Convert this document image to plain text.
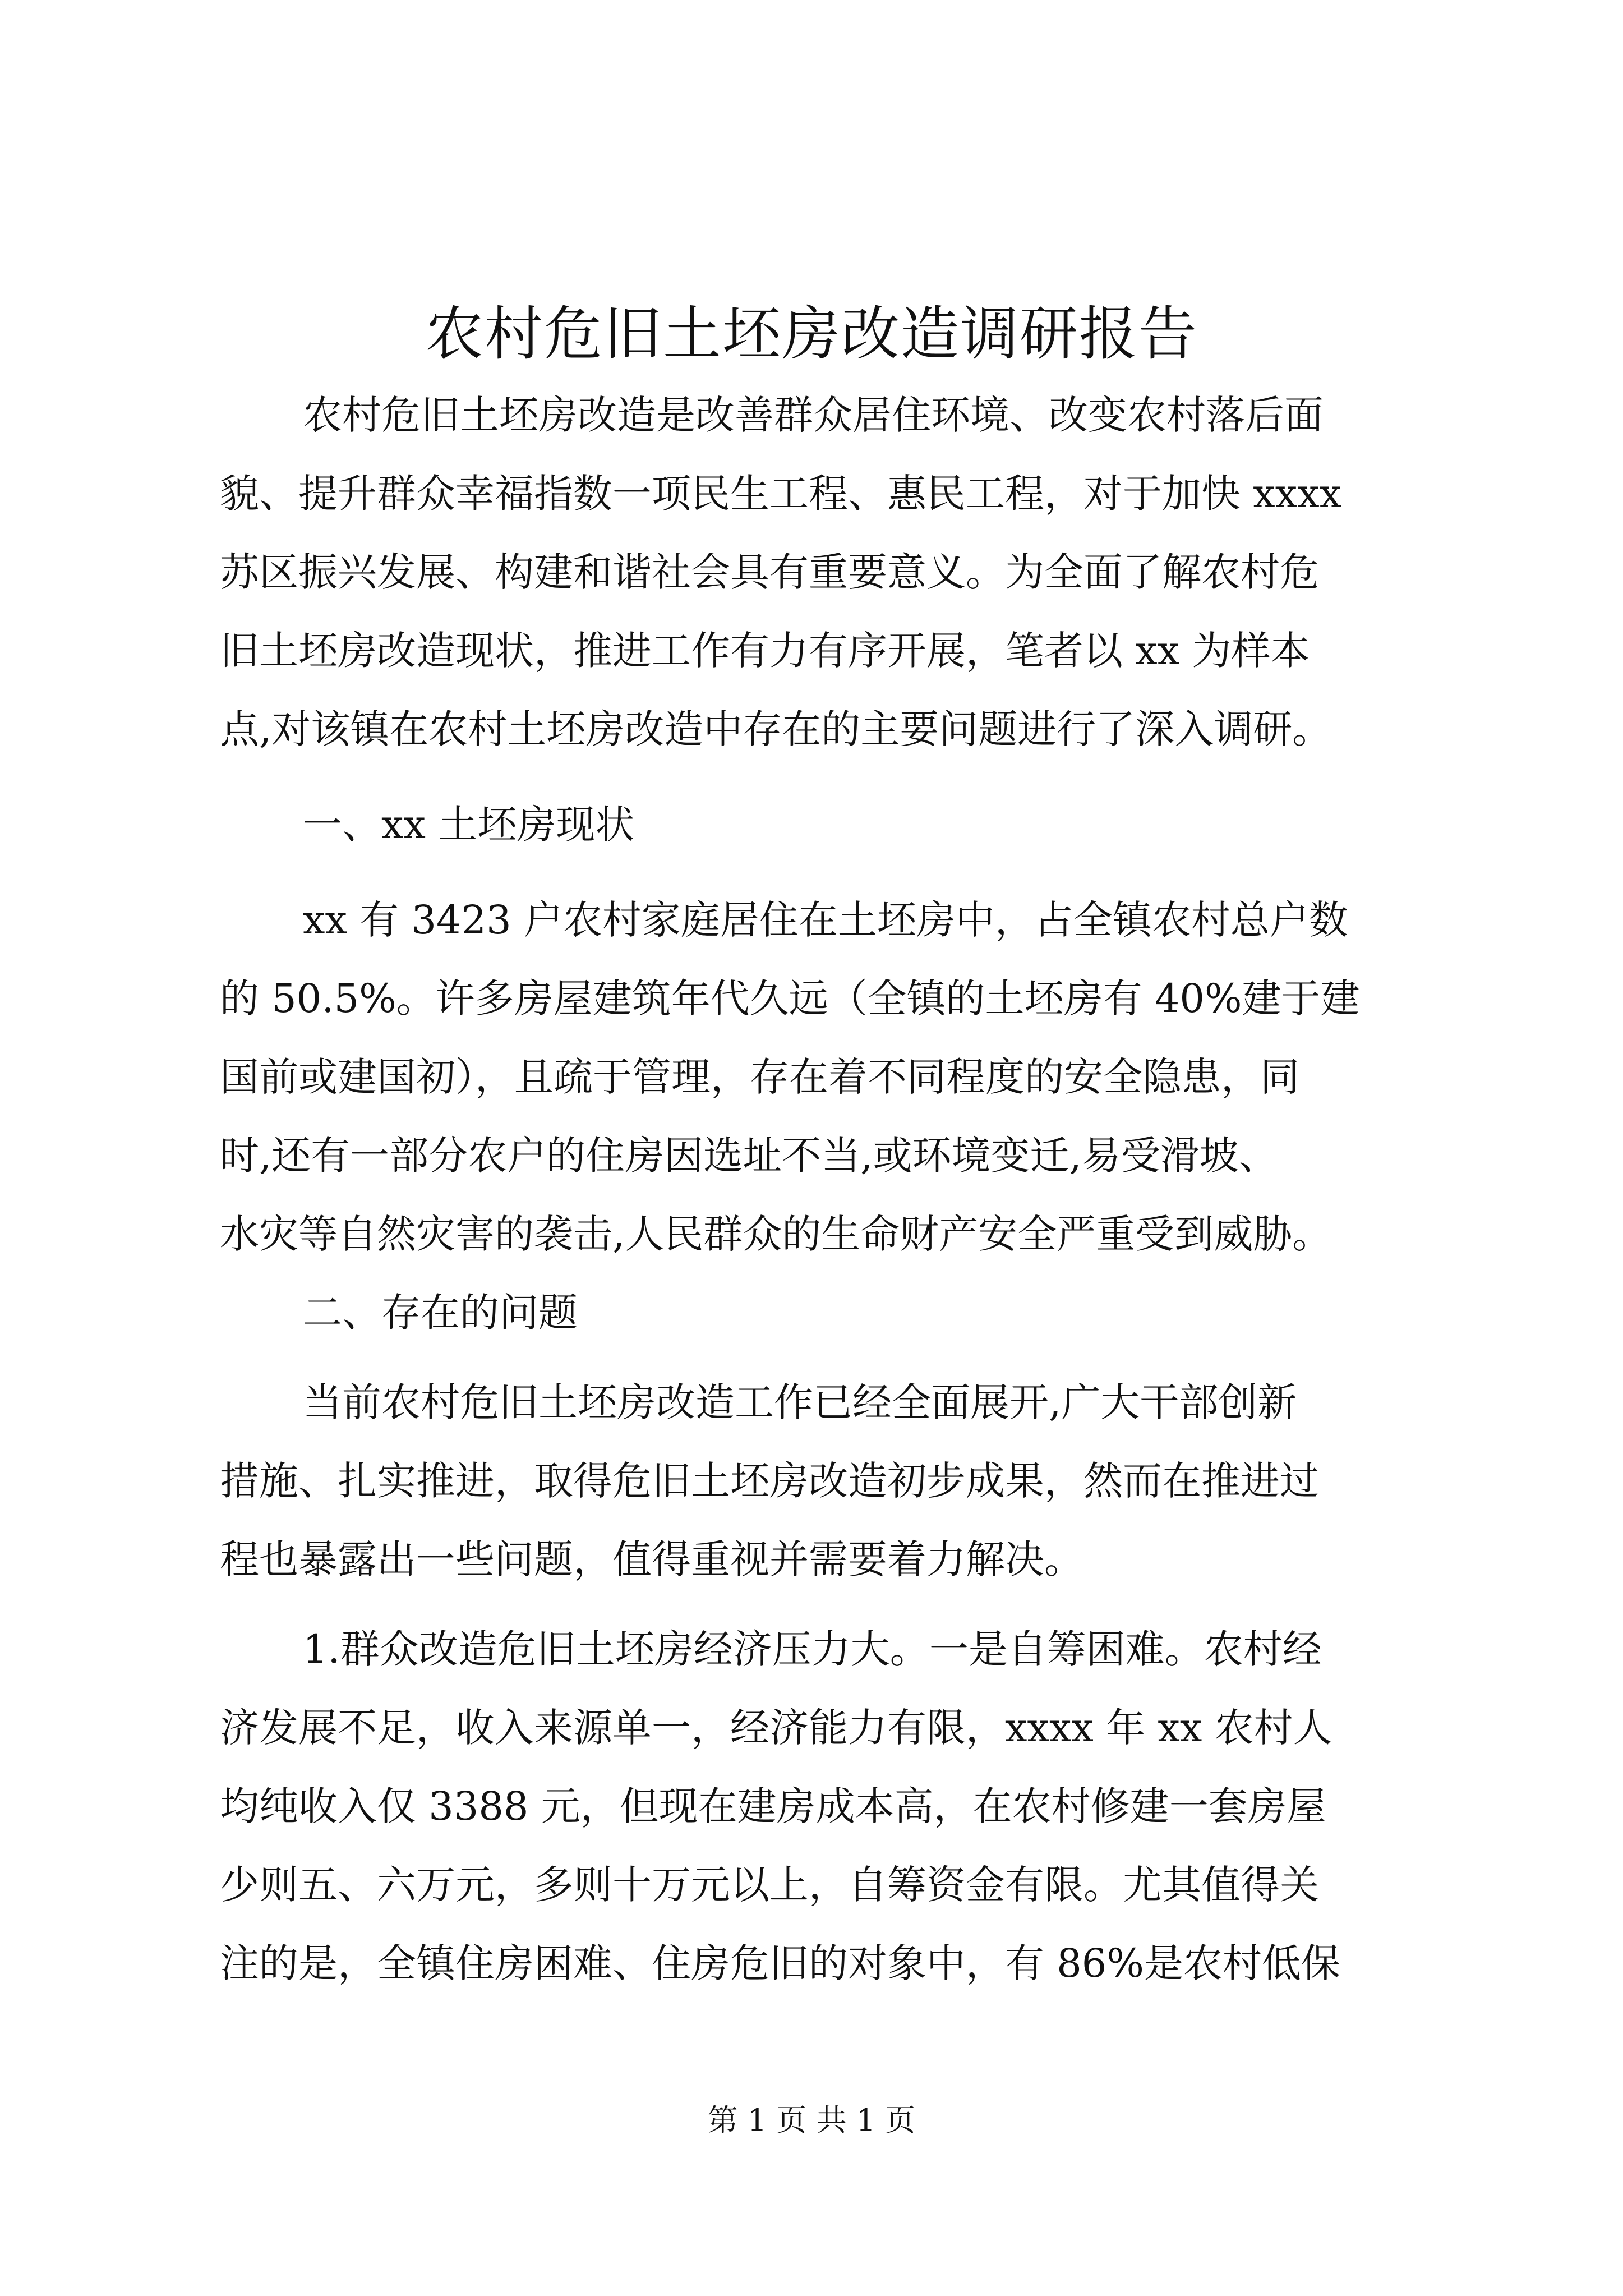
农村危旧土坯房改造调研报告
农村危旧土坯房改造是改善群众居住环境、改变农村落后面
貌、提升群众幸福指数一项民生工程、惠民工程，对于加快 xxxx
苏区振兴发展、构建和谐社会具有重要意义。为全面了解农村危
旧土坯房改造现状，推进工作有力有序开展，笔者以 xx 为样本
点,对该镇在农村土坯房改造中存在的主要问题进行了深入调研。
一、xx 土坯房现状
xx 有 3423 户农村家庭居住在土坯房中，占全镇农村总户数
的 50.5%。许多房屋建筑年代久远（全镇的土坯房有 40%建于建
国前或建国初），且疏于管理，存在着不同程度的安全隐患，同
时,还有一部分农户的住房因选址不当,或环境变迁,易受滑坡、
水灾等自然灾害的袭击,人民群众的生命财产安全严重受到威胁。
二、存在的问题
当前农村危旧土坯房改造工作已经全面展开,广大干部创新
措施、扎实推进，取得危旧土坯房改造初步成果，然而在推进过
程也暴露出一些问题，值得重视并需要着力解决。
1.群众改造危旧土坯房经济压力大。一是自筹困难。农村经
济发展不足，收入来源单一，经济能力有限，xxxx 年 xx 农村人
均纯收入仅 3388 元，但现在建房成本高，在农村修建一套房屋
少则五、六万元，多则十万元以上，自筹资金有限。尤其值得关
注的是，全镇住房困难、住房危旧的对象中，有 86%是农村低保
第 1 页 共 1 页
